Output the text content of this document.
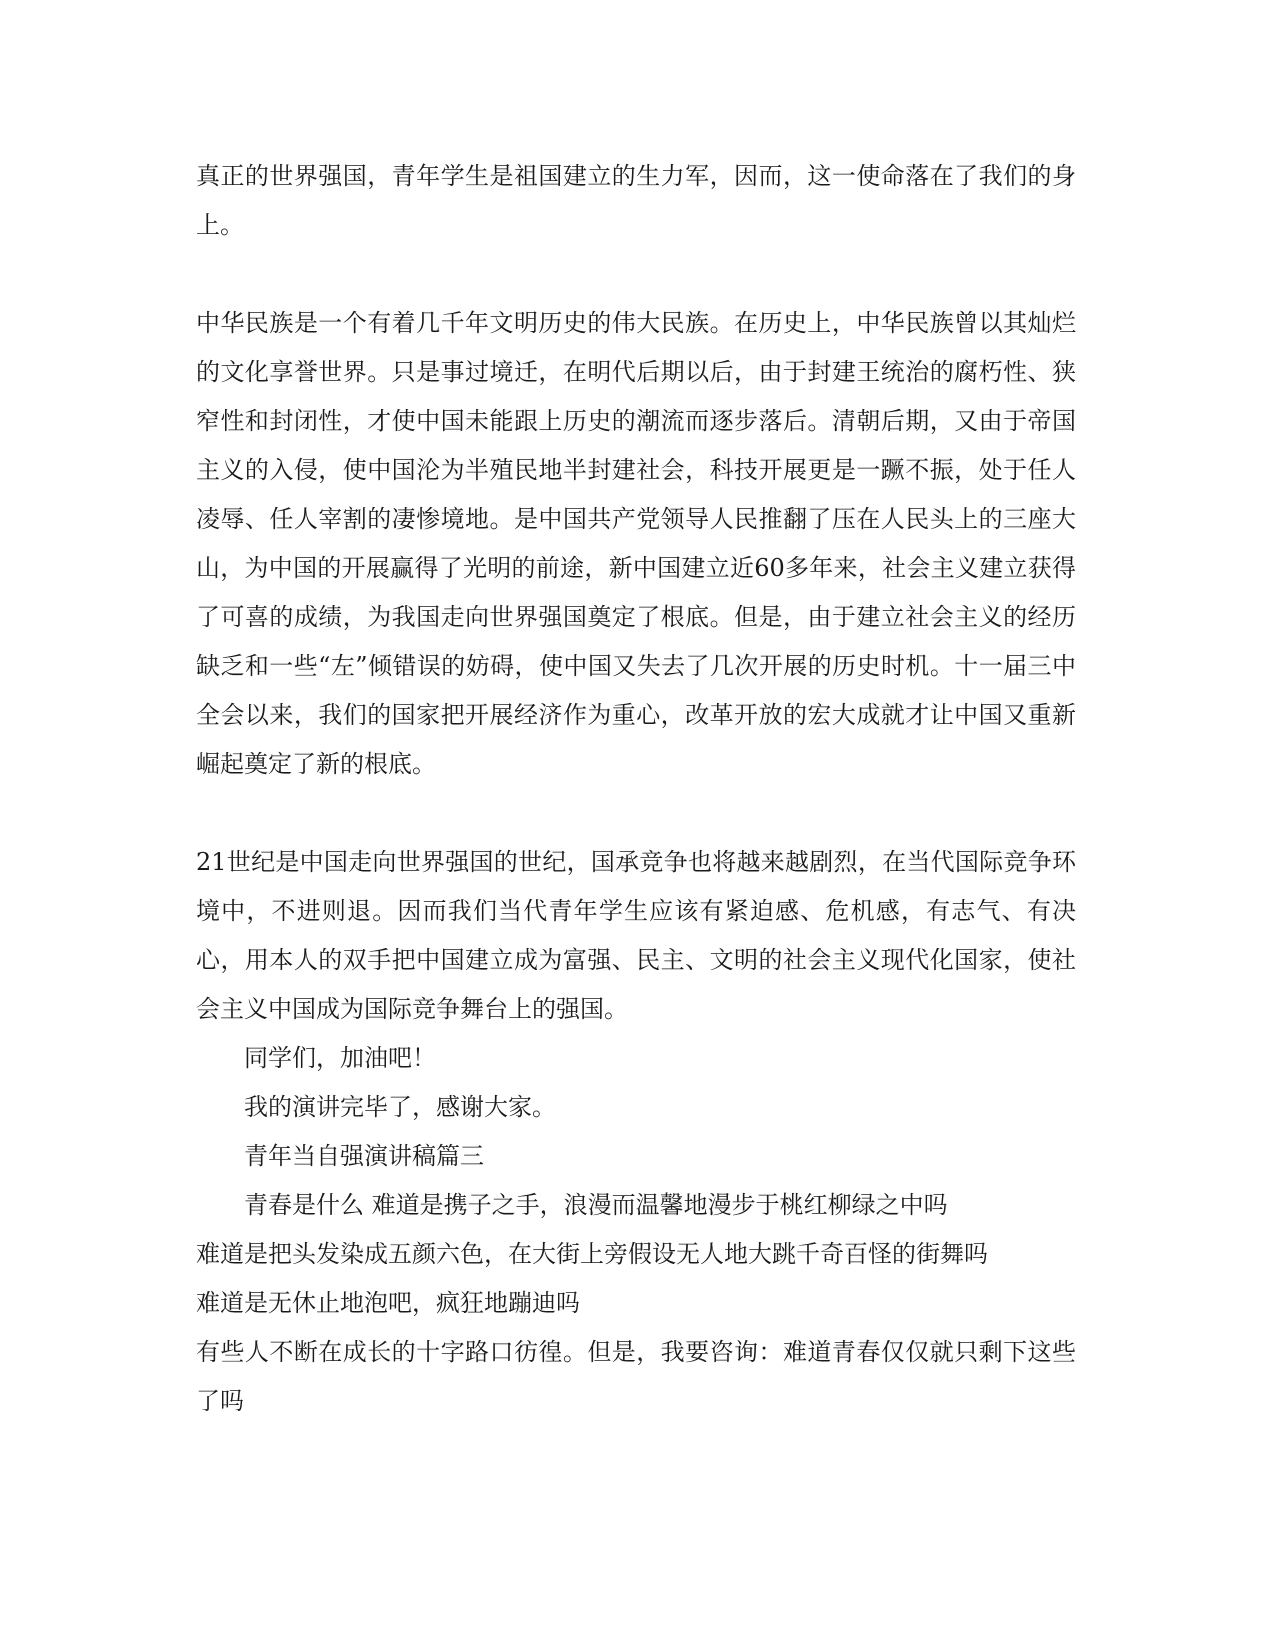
真正的世界强国，青年学生是祖国建立的生力军，因而，这一使命落在了我们的身上。

中华民族是一个有着几千年文明历史的伟大民族。在历史上，中华民族曾以其灿烂的文化享誉世界。只是事过境迁，在明代后期以后，由于封建王统治的腐朽性、狭窄性和封闭性，才使中国未能跟上历史的潮流而逐步落后。清朝后期，又由于帝国主义的入侵，使中国沦为半殖民地半封建社会，科技开展更是一蹶不振，处于任人凌辱、任人宰割的凄惨境地。是中国共产党领导人民推翻了压在人民头上的三座大山，为中国的开展赢得了光明的前途，新中国建立近60多年来，社会主义建立获得了可喜的成绩，为我国走向世界强国奠定了根底。但是，由于建立社会主义的经历缺乏和一些“左”倾错误的妨碍，使中国又失去了几次开展的历史时机。十一届三中全会以来，我们的国家把开展经济作为重心，改革开放的宏大成就才让中国又重新崛起奠定了新的根底。

21世纪是中国走向世界强国的世纪，国承竞争也将越来越剧烈，在当代国际竞争环境中，不进则退。因而我们当代青年学生应该有紧迫感、危机感，有志气、有决心，用本人的双手把中国建立成为富强、民主、文明的社会主义现代化国家，使社会主义中国成为国际竞争舞台上的强国。

同学们，加油吧！

我的演讲完毕了，感谢大家。

青年当自强演讲稿篇三

青春是什么 难道是携子之手，浪漫而温馨地漫步于桃红柳绿之中吗

难道是把头发染成五颜六色，在大街上旁假设无人地大跳千奇百怪的街舞吗

难道是无休止地泡吧，疯狂地蹦迪吗

有些人不断在成长的十字路口彷徨。但是，我要咨询：难道青春仅仅就只剩下这些了吗
